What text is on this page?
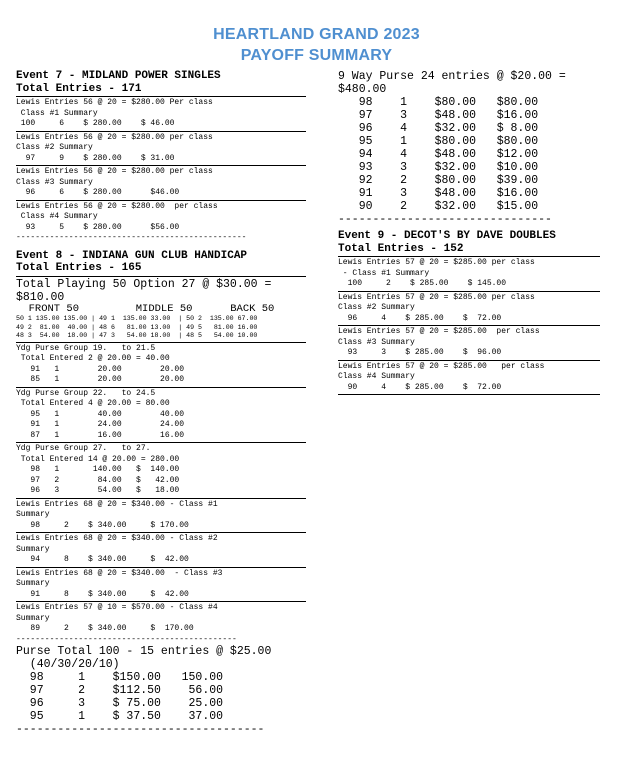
HEARTLAND GRAND 2023
PAYOFF SUMMARY
Event 7 - MIDLAND POWER SINGLES
Total Entries - 171
Lewis Entries 56 @ 20 = $280.00 Per class
Class #1 Summary
100     6    $ 280.00    $ 46.00
Lewis Entries 56 @ 20 = $280.00 per class
Class #2 Summary
97     9    $ 280.00    $ 31.00
Lewis Entries 56 @ 20 = $280.00 per class
Class #3 Summary
96     6    $ 280.00      $46.00
Lewis Entries 56 @ 20 = $280.00  per class
Class #4 Summary
93     5    $ 280.00      $56.00
------------------------------------------------
Event 8 - INDIANA GUN CLUB HANDICAP
Total Entries - 165
Total Playing 50 Option 27 @ $30.00 =
$810.00
FRONT 50         MIDDLE 50      BACK 50
50 1 135.00 135.00 | 49 1  135.00 33.00  | 50 2  135.00 67.00
49 2  81.00  40.00 | 48 6   81.00 13.00  | 49 5   81.00 16.00
48 3  54.00  18.00 | 47 3   54.00 18.00  | 48 5   54.00 10.00
Ydg Purse Group 19.   to 21.5
Total Entered 2 @ 20.00 = 40.00
91   1        20.00        20.00
85   1        20.00        20.00
Ydg Purse Group 22.   to 24.5
Total Entered 4 @ 20.00 = 80.00
95   1        40.00        40.00
91   1        24.00        24.00
87   1        16.00        16.00
Ydg Purse Group 27.   to 27.
Total Entered 14 @ 20.00 = 280.00
98   1       140.00   $  140.00
97   2        84.00   $   42.00
96   3        54.00   $   18.00
Lewis Entries 68 @ 20 = $340.00 - Class #1
Summary
98     2    $ 340.00     $ 170.00
Lewis Entries 68 @ 20 = $340.00 - Class #2
Summary
94     8    $ 340.00     $  42.00
Lewis Entries 68 @ 20 = $340.00  - Class #3
Summary
91     8    $ 340.00     $  42.00
Lewis Entries 57 @ 10 = $570.00 - Class #4
Summary
89     2    $ 340.00     $  170.00
----------------------------------------------
Purse Total 100 - 15 entries @ $25.00
(40/30/20/10)
98     1    $150.00   150.00
97     2    $112.50    56.00
96     3    $ 75.00    25.00
95     1    $ 37.50    37.00
------------------------------------
9 Way Purse 24 entries @ $20.00 =
$480.00
98    1    $80.00   $80.00
97    3    $48.00   $16.00
96    4    $32.00   $ 8.00
95    1    $80.00   $80.00
94    4    $48.00   $12.00
93    3    $32.00   $10.00
92    2    $80.00   $39.00
91    3    $48.00   $16.00
90    2    $32.00   $15.00
-------------------------------
Event 9 - DECOT'S BY DAVE DOUBLES
Total Entries - 152
Lewis Entries 57 @ 20 = $285.00 per class
- Class #1 Summary
100     2    $ 285.00    $ 145.00
Lewis Entries 57 @ 20 = $285.00 per class
Class #2 Summary
96     4    $ 285.00    $  72.00
Lewis Entries 57 @ 20 = $285.00  per class
Class #3 Summary
93     3    $ 285.00    $  96.00
Lewis Entries 57 @ 20 = $285.00   per class
Class #4 Summary
90     4    $ 285.00    $  72.00
